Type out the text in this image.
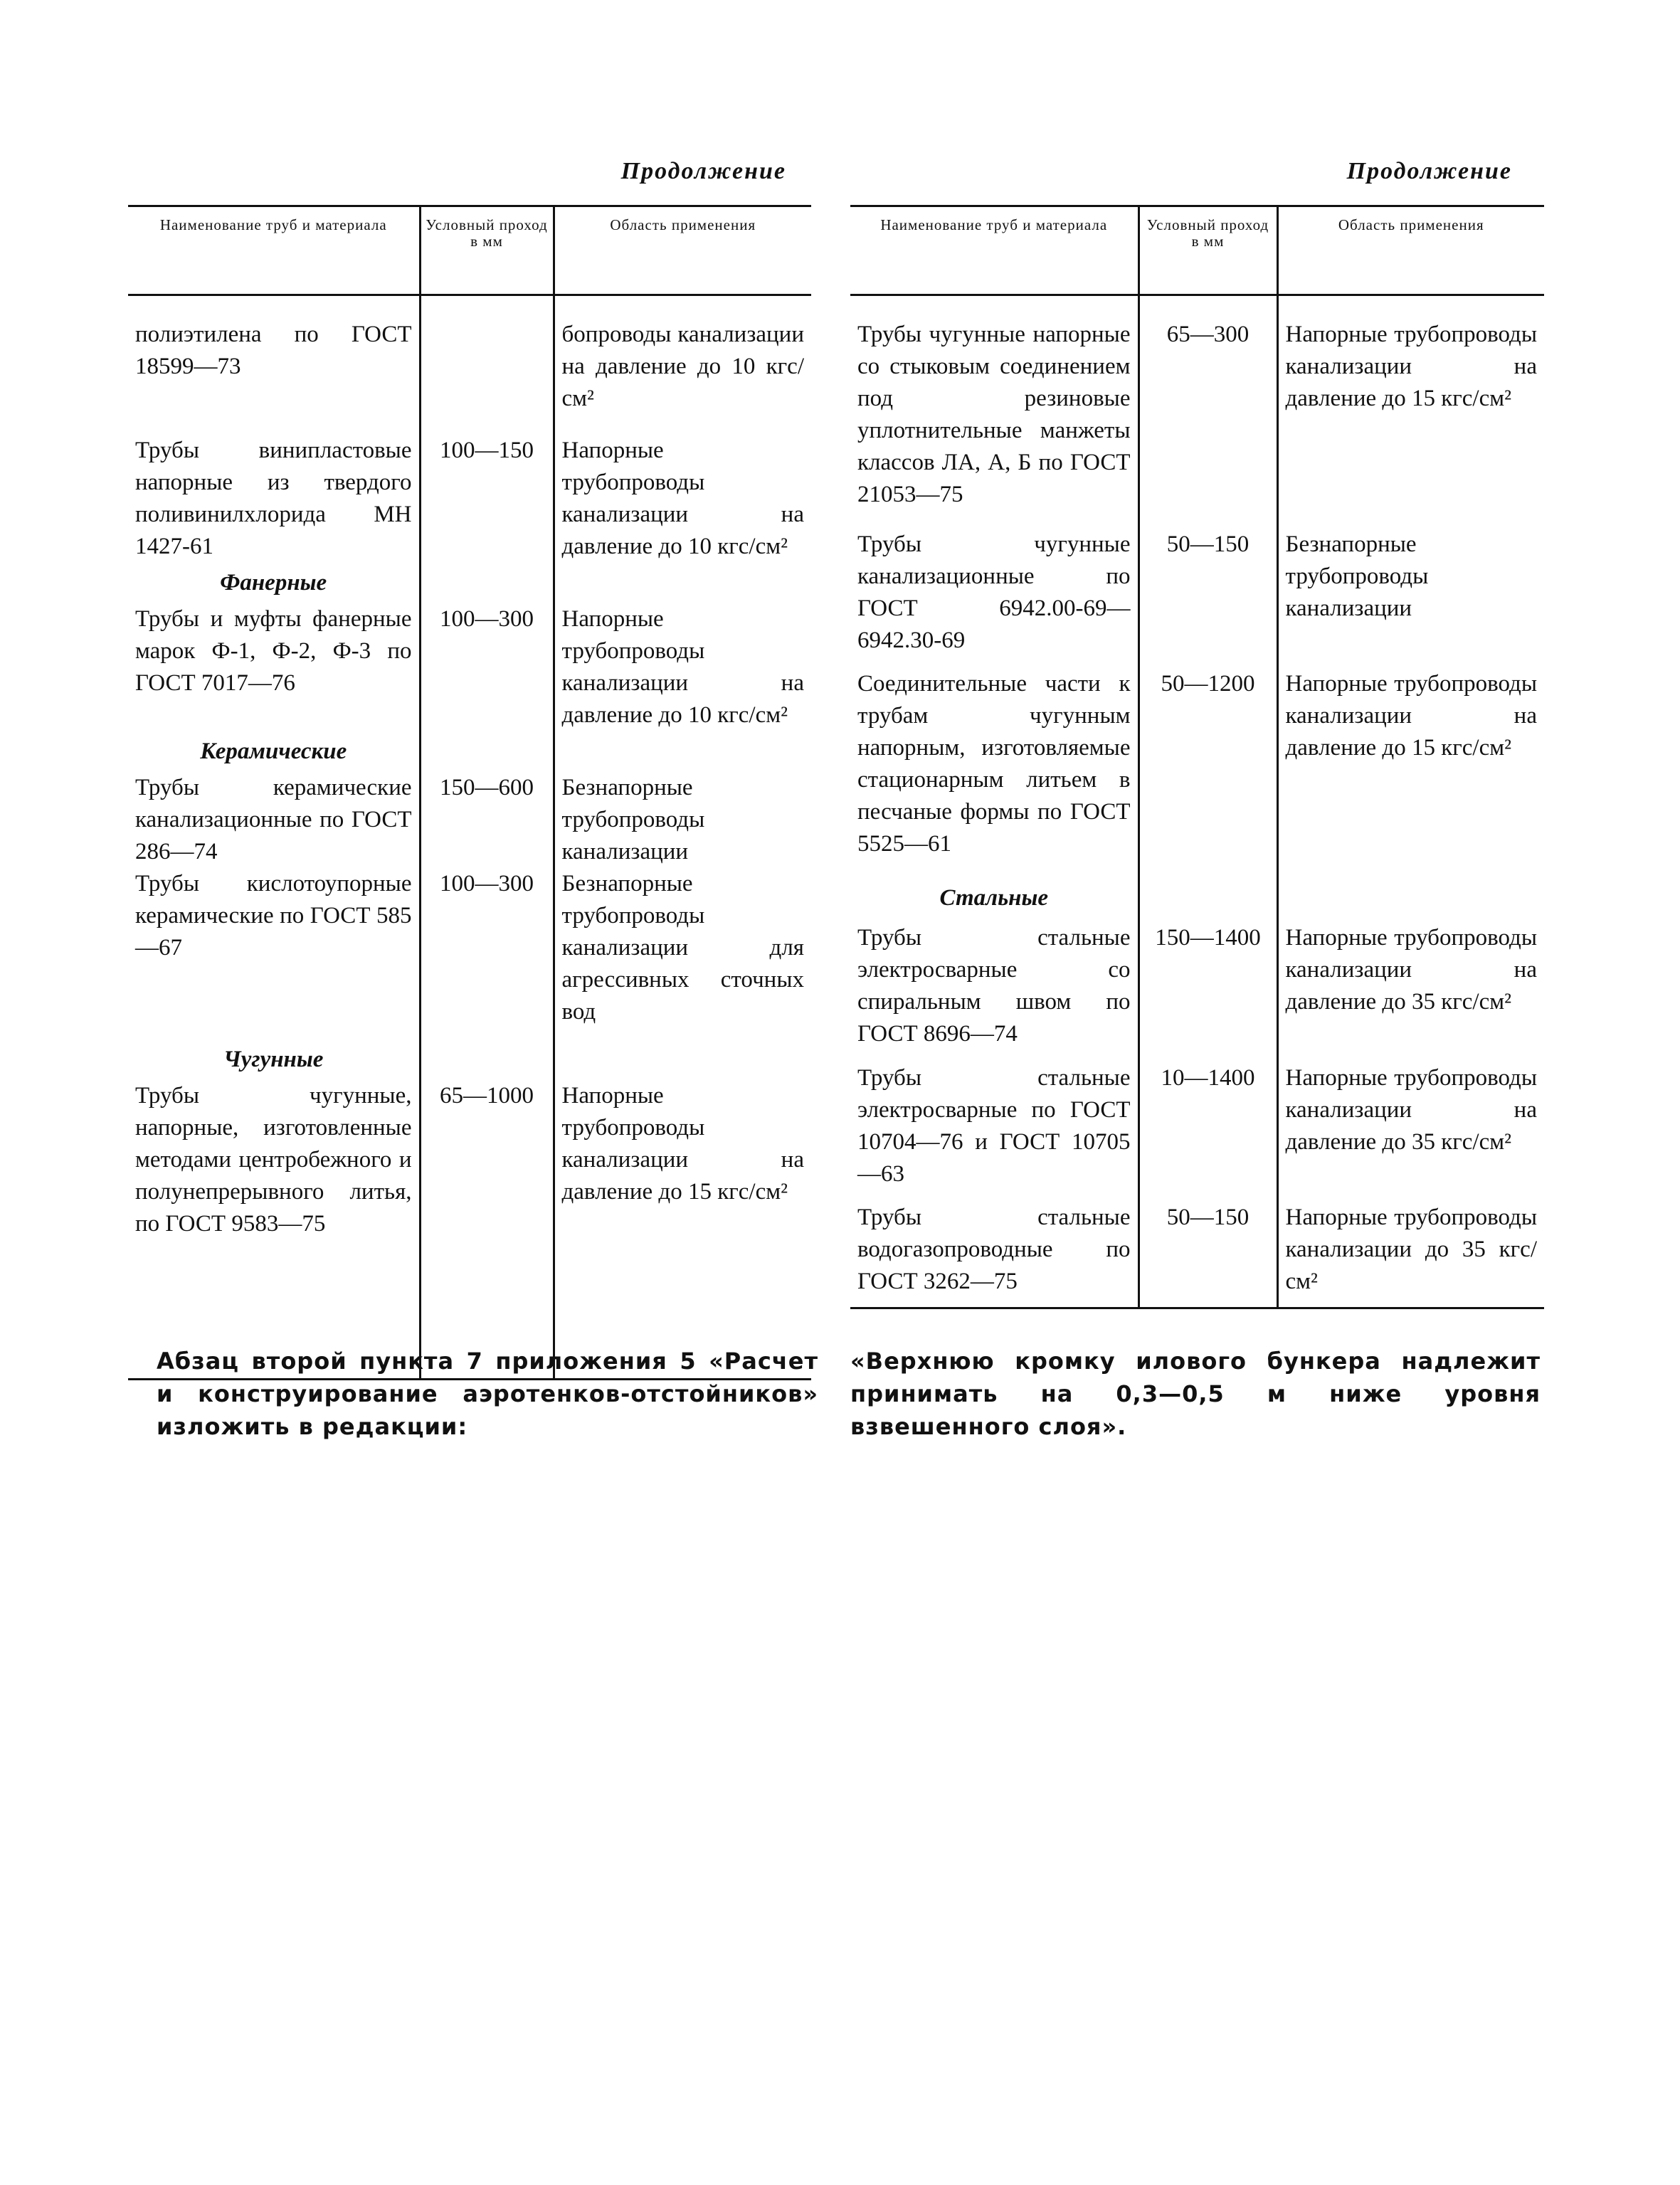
Продолжение
Наименование труб и материала	Условный проход в мм	Область применения

полиэтилена по ГОСТ 18599—73		бопроводы канализации на давление до 10 кгс/см²
Трубы винипластовые напорные из твердого поливинилхлорида МН 1427-61	100—150	Напорные трубопроводы канализации на давление до 10 кгс/см²
Фанерные		
Трубы и муфты фанерные марок Ф-1, Ф-2, Ф-3 по ГОСТ 7017—76	100—300	Напорные трубопроводы канализации на давление до 10 кгс/см²
Керамические		
Трубы керамические канализационные по ГОСТ 286—74	150—600	Безнапорные трубопроводы канализации
Трубы кислотоупорные керамические по ГОСТ 585—67	100—300	Безнапорные трубопроводы канализации для агрессивных сточных вод
Чугунные		
Трубы чугунные, напорные, изготовленные методами центробежного и полунепрерывного литья, по ГОСТ 9583—75	65—1000	Напорные трубопроводы канализации на давление до 15 кгс/см²
Абзац второй пункта 7 приложения 5 «Расчет и конструирование аэротенков-отстойников» изложить в редакции:
Продолжение
Наименование труб и материала	Условный проход в мм	Область применения

Трубы чугунные напорные со стыковым соединением под резиновые уплотнительные манжеты классов ЛА, А, Б по ГОСТ 21053—75	65—300	Напорные трубопроводы канализации на давление до 15 кгс/см²
Трубы чугунные канализационные по ГОСТ 6942.00-69—6942.30-69	50—150	Безнапорные трубопроводы канализации
Соединительные части к трубам чугунным напорным, изготовляемые стационарным литьем в песчаные формы по ГОСТ 5525—61	50—1200	Напорные трубопроводы канализации на давление до 15 кгс/см²
Стальные		
Трубы стальные электросварные со спиральным швом по ГОСТ 8696—74	150—1400	Напорные трубопроводы канализации на давление до 35 кгс/см²
Трубы стальные электросварные по ГОСТ 10704—76 и ГОСТ 10705—63	10—1400	Напорные трубопроводы канализации на давление до 35 кгс/см²
Трубы стальные водогазопроводные по ГОСТ 3262—75	50—150	Напорные трубопроводы канализации до 35 кгс/см²
«Верхнюю кромку илового бункера надлежит принимать на 0,3—0,5 м ниже уровня взвешенного слоя».
